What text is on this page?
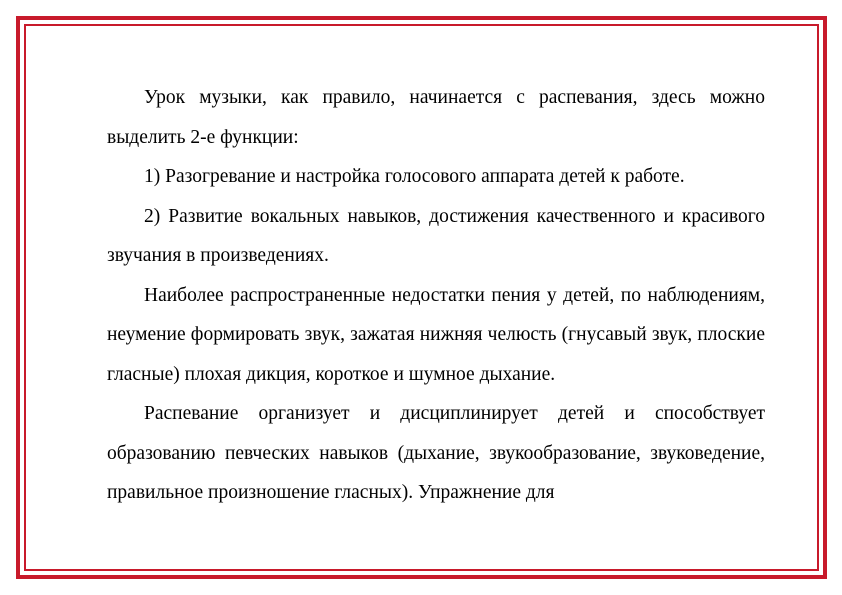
Урок музыки, как правило, начинается с распевания, здесь можно выделить 2-е функции:

1) Разогревание и настройка голосового аппарата детей к работе.

2) Развитие вокальных навыков, достижения качественного и красивого звучания в произведениях.

Наиболее распространенные недостатки пения у детей, по наблюдениям, неумение формировать звук, зажатая нижняя челюсть (гнусавый звук, плоские гласные) плохая дикция, короткое и шумное дыхание.

Распевание организует и дисциплинирует детей и способствует образованию певческих навыков (дыхание, звукообразование, звуковедение, правильное произношение гласных). Упражнение для
